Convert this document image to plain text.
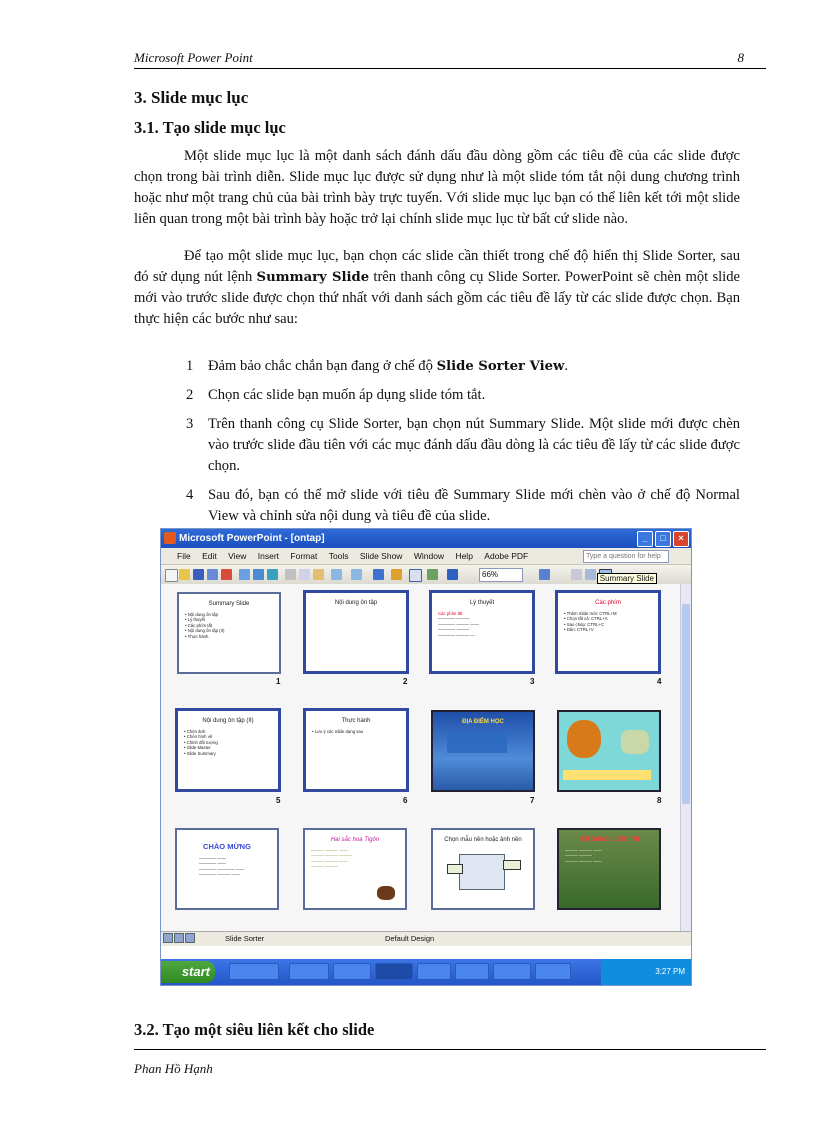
Microsoft Power Point	8
3. Slide mục lục
3.1. Tạo slide mục lục
Một slide mục lục là một danh sách đánh dấu đầu dòng gồm các tiêu đề của các slide được chọn trong bài trình diễn. Slide mục lục được sử dụng như là một slide tóm tắt nội dung chương trình hoặc như một trang chủ của bài trình bày trực tuyến. Với slide mục lục bạn có thể liên kết tới một slide liên quan trong một bài trình bày hoặc trở lại chính slide mục lục từ bất cứ slide nào.
Để tạo một slide mục lục, bạn chọn các slide cần thiết trong chế độ hiển thị Slide Sorter, sau đó sử dụng nút lệnh Summary Slide trên thanh công cụ Slide Sorter. PowerPoint sẽ chèn một slide mới vào trước slide được chọn thứ nhất với danh sách gồm các tiêu đề lấy từ các slide được chọn. Bạn thực hiện các bước như sau:
1 Đảm bảo chắc chắn bạn đang ở chế độ Slide Sorter View.
2 Chọn các slide bạn muốn áp dụng slide tóm tắt.
3 Trên thanh công cụ Slide Sorter, bạn chọn nút Summary Slide. Một slide mới được chèn vào trước slide đầu tiên với các mục đánh dấu đầu dòng là các tiêu đề lấy từ các slide được chọn.
4 Sau đó, bạn có thể mở slide với tiêu đề Summary Slide mới chèn vào ở chế độ Normal View và chỉnh sửa nội dung và tiêu đề của slide.
Microsoft PowerPoint - [ontap]	_ □ ×
File Edit View Insert Format Tools Slide Show Window Help Adobe PDF	Type a question for help
66%	Summary Slide
Summary Slide
• Nội dung ôn tập
• Lý thuyết
• Các phím tắt
• Nội dung ôn tập (II)
• Thực hành
1
Nội dung ôn tập
2
Lý thuyết
Các phím tắt
———— ———
———— ——— ——
———— ———
———— ——— —
3
Các phím
• Thêm Slide mới: CTRL+M
• Chọn tất cả: CTRL+A
• Sao chép: CTRL+C
• Dán: CTRL+V
4
Nội dung ôn tập (II)
• Chèn ảnh
• Chèn hình vẽ
• Chỉnh đối tượng
• Slide Master
• Slide Summary
5
Thực hành
• Lưu ý các Slide dạng sau
6
ĐỊA ĐIỂM HỌC
7	8
CHÀO MỪNG
———— ——
———— ——
———— ———— ——
———— ——— ——
Hai sắc hoa Tigôn
——— ——— ——
——— ——— ———
——— ——— ——
——— ———
Chọn mẫu nền hoặc ảnh nền	NỘI DUNG CUỘC THI
——— ——— ——
——— ———
——— ——— ——
Slide Sorter	Default Design
start	3:27 PM
3.2. Tạo một siêu liên kết cho slide
Phan Hồ Hạnh
